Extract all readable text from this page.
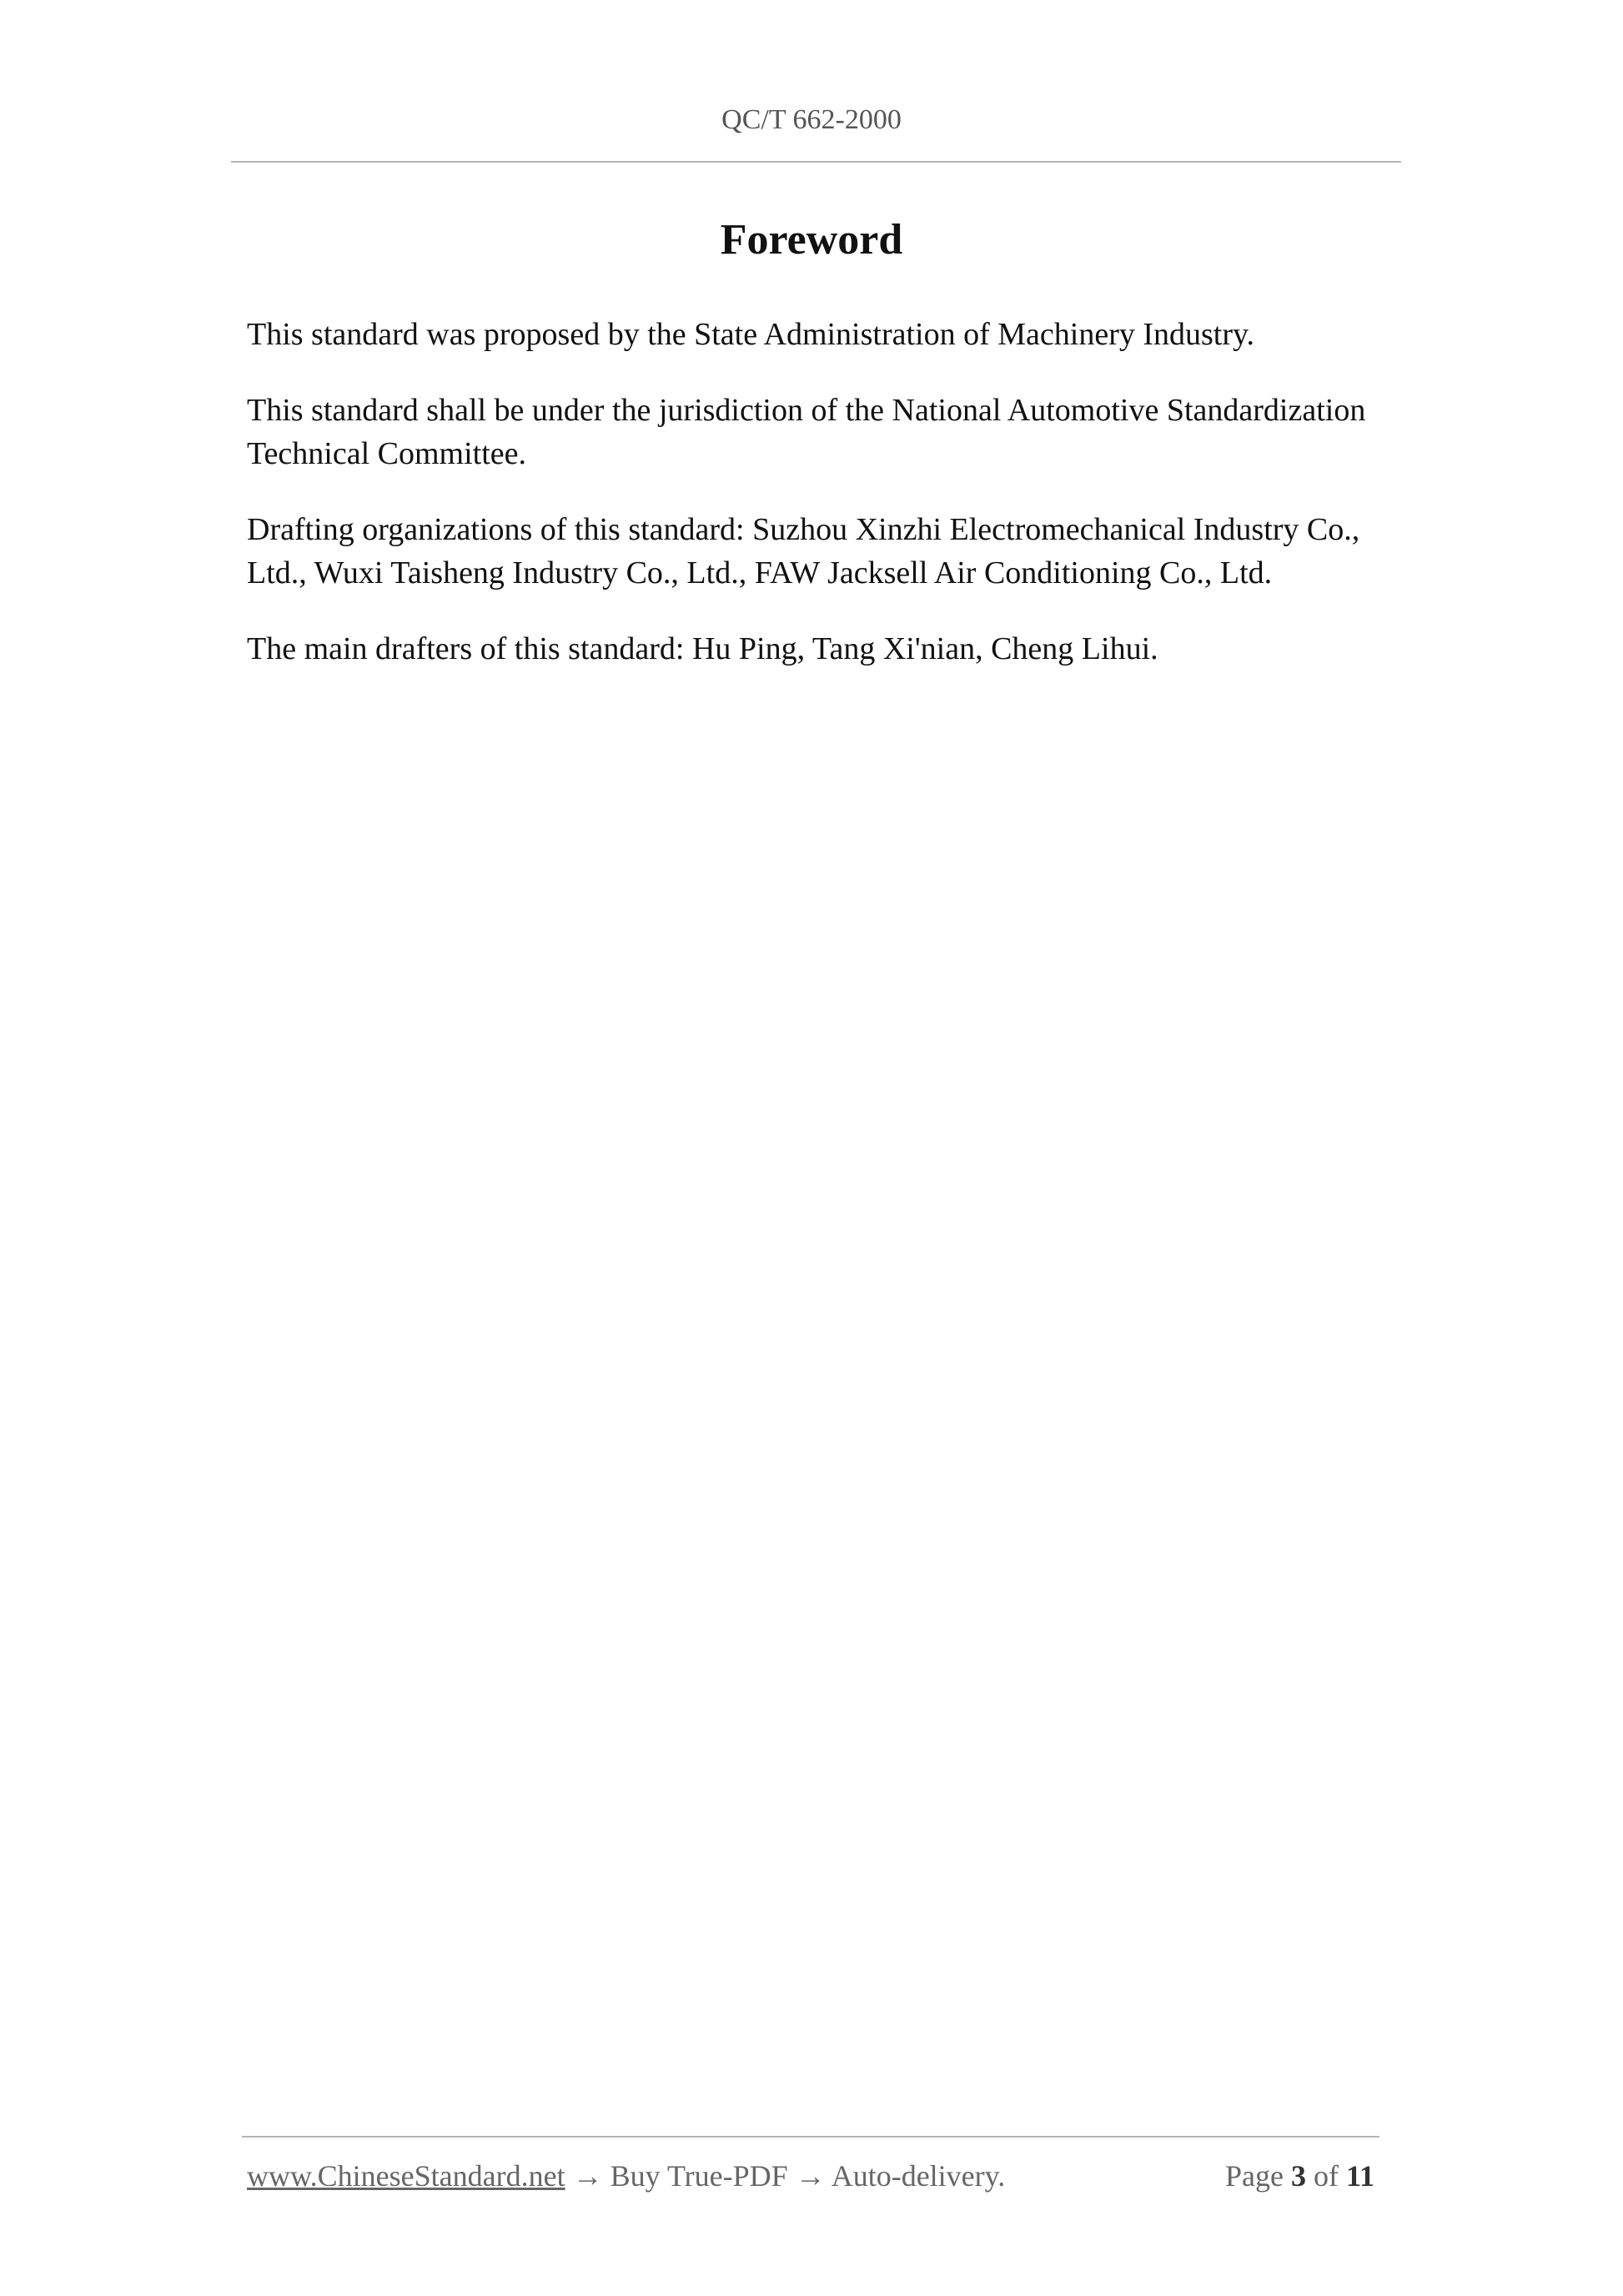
QC/T 662-2000
Foreword

This standard was proposed by the State Administration of Machinery Industry.

This standard shall be under the jurisdiction of the National Automotive Standardization Technical Committee.

Drafting organizations of this standard: Suzhou Xinzhi Electromechanical Industry Co., Ltd., Wuxi Taisheng Industry Co., Ltd., FAW Jacksell Air Conditioning Co., Ltd.

The main drafters of this standard: Hu Ping, Tang Xi'nian, Cheng Lihui.

www.ChineseStandard.net → Buy True-PDF → Auto-delivery.	Page 3 of 11
